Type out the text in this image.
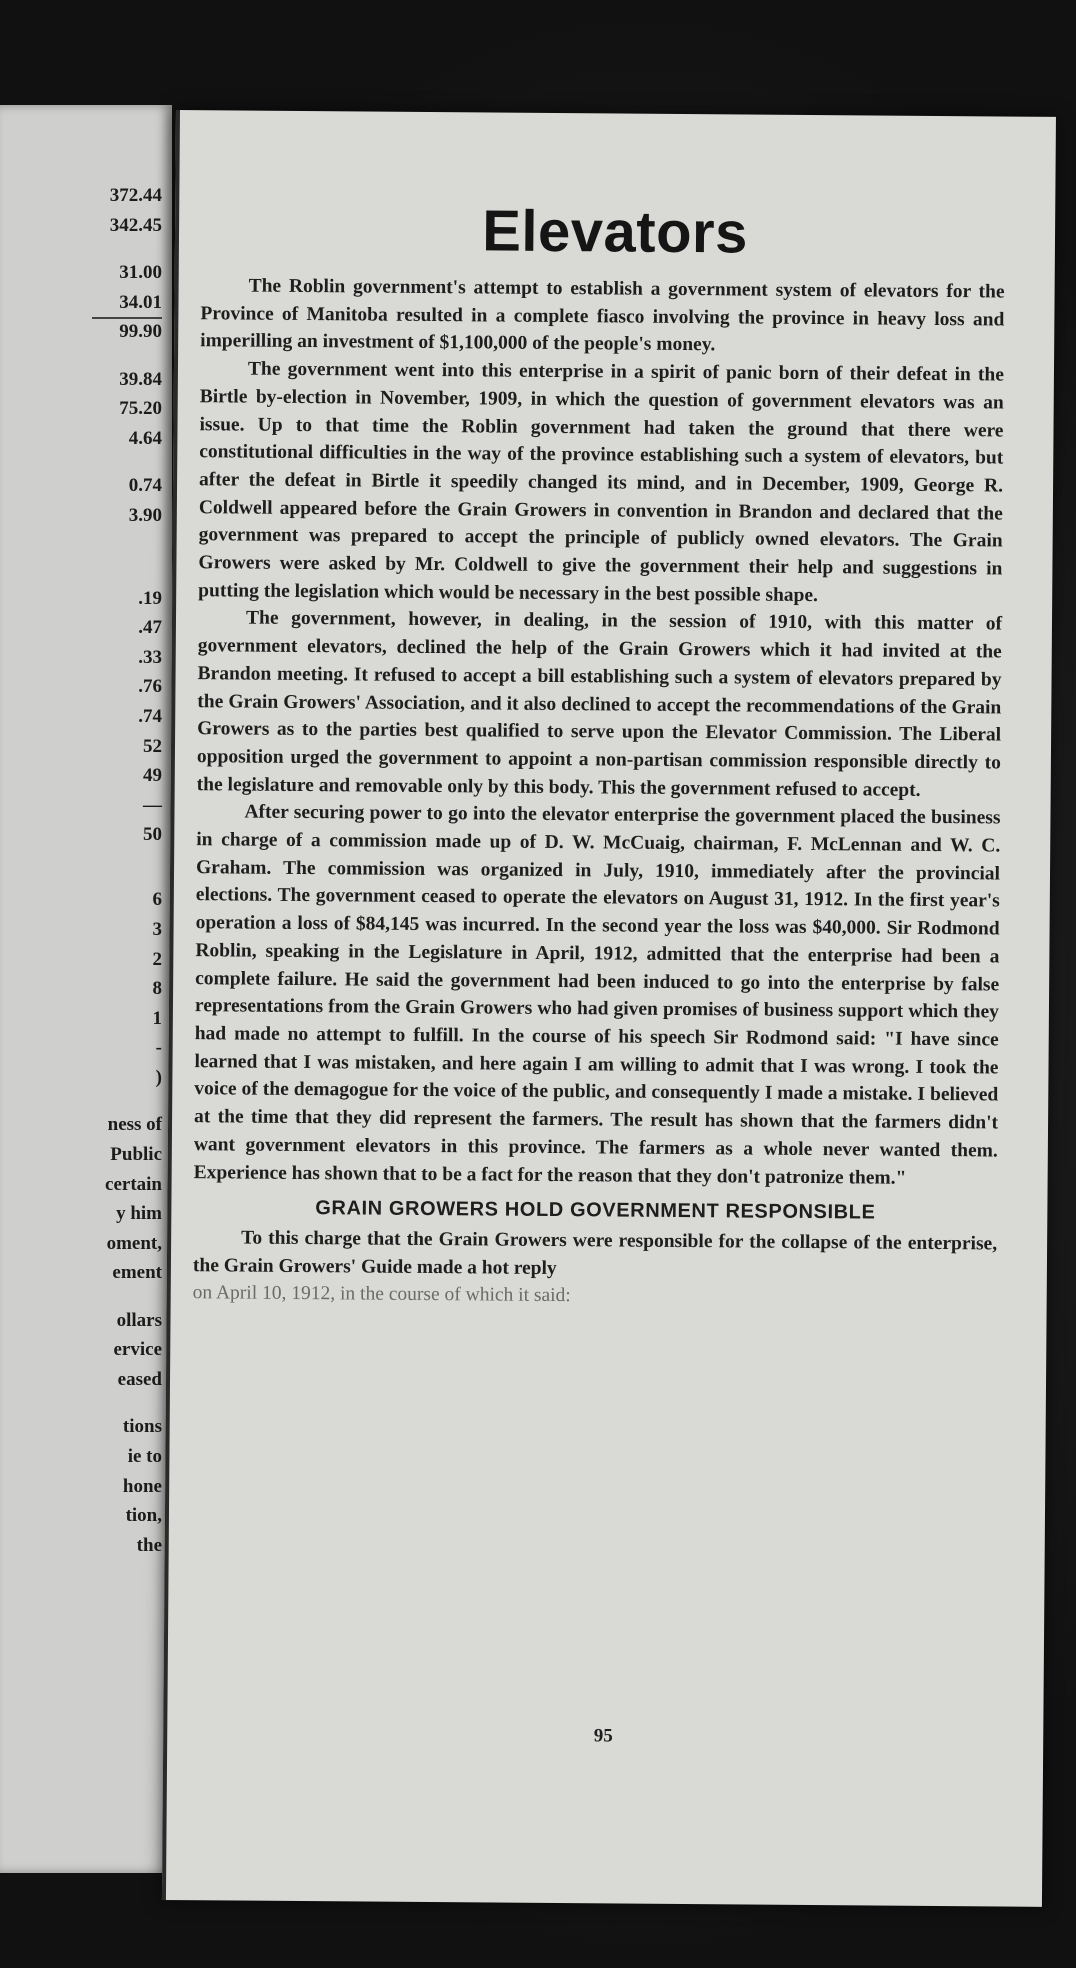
372.44
342.45
31.00
34.01
99.90
39.84
75.20
4.64
0.74
3.90
.19
.47
.33
.76
.74
52
49
—
50
6
3
2
8
1
-
)
ness of
Public
certain
y him
oment,
ement
ollars
ervice
eased
tions
ie to
hone
tion,
the
Elevators

The Roblin government's attempt to establish a government system of elevators for the Province of Manitoba resulted in a complete fiasco involving the province in heavy loss and imperilling an investment of $1,100,000 of the people's money.

The government went into this enterprise in a spirit of panic born of their defeat in the Birtle by-election in November, 1909, in which the question of government elevators was an issue. Up to that time the Roblin government had taken the ground that there were constitutional difficulties in the way of the province establishing such a system of elevators, but after the defeat in Birtle it speedily changed its mind, and in December, 1909, George R. Coldwell appeared before the Grain Growers in convention in Brandon and declared that the government was prepared to accept the principle of publicly owned elevators. The Grain Growers were asked by Mr. Coldwell to give the government their help and suggestions in putting the legislation which would be necessary in the best possible shape.

The government, however, in dealing, in the session of 1910, with this matter of government elevators, declined the help of the Grain Growers which it had invited at the Brandon meeting. It refused to accept a bill establishing such a system of elevators prepared by the Grain Growers' Association, and it also declined to accept the recommendations of the Grain Growers as to the parties best qualified to serve upon the Elevator Commission. The Liberal opposition urged the government to appoint a non-partisan commission responsible directly to the legislature and removable only by this body. This the government refused to accept.

After securing power to go into the elevator enterprise the government placed the business in charge of a commission made up of D. W. McCuaig, chairman, F. McLennan and W. C. Graham. The commission was organized in July, 1910, immediately after the provincial elections. The government ceased to operate the elevators on August 31, 1912. In the first year's operation a loss of $84,145 was incurred. In the second year the loss was $40,000. Sir Rodmond Roblin, speaking in the Legislature in April, 1912, admitted that the enterprise had been a complete failure. He said the government had been induced to go into the enterprise by false representations from the Grain Growers who had given promises of business support which they had made no attempt to fulfill. In the course of his speech Sir Rodmond said: "I have since learned that I was mistaken, and here again I am willing to admit that I was wrong. I took the voice of the demagogue for the voice of the public, and consequently I made a mistake. I believed at the time that they did represent the farmers. The result has shown that the farmers didn't want government elevators in this province. The farmers as a whole never wanted them. Experience has shown that to be a fact for the reason that they don't patronize them."

GRAIN GROWERS HOLD GOVERNMENT RESPONSIBLE

To this charge that the Grain Growers were responsible for the collapse of the enterprise, the Grain Growers' Guide made a hot reply

on April 10, 1912, in the course of which it said:
95
